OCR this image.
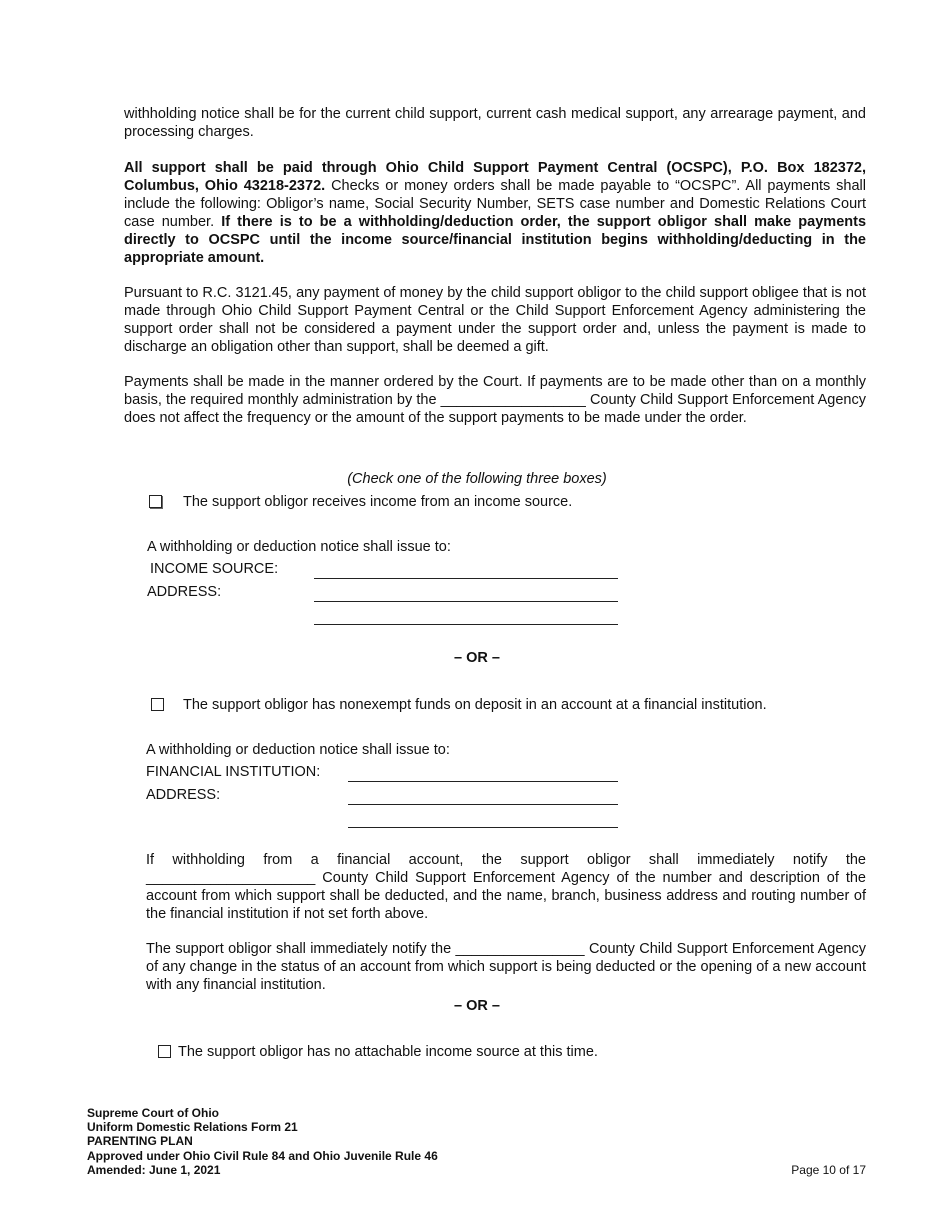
withholding notice shall be for the current child support, current cash medical support, any arrearage payment, and processing charges.

All support shall be paid through Ohio Child Support Payment Central (OCSPC), P.O. Box 182372, Columbus, Ohio 43218-2372. Checks or money orders shall be made payable to “OCSPC”. All payments shall include the following: Obligor’s name, Social Security Number, SETS case number and Domestic Relations Court case number. If there is to be a withholding/deduction order, the support obligor shall make payments directly to OCSPC until the income source/financial institution begins withholding/deducting in the appropriate amount.

Pursuant to R.C. 3121.45, any payment of money by the child support obligor to the child support obligee that is not made through Ohio Child Support Payment Central or the Child Support Enforcement Agency administering the support order shall not be considered a payment under the support order and, unless the payment is made to discharge an obligation other than support, shall be deemed a gift.

Payments shall be made in the manner ordered by the Court. If payments are to be made other than on a monthly basis, the required monthly administration by the __________________ County Child Support Enforcement Agency does not affect the frequency or the amount of the support payments to be made under the order.

(Check one of the following three boxes)
The support obligor receives income from an income source.
A withholding or deduction notice shall issue to:
INCOME SOURCE:
ADDRESS:
– OR –
The support obligor has nonexempt funds on deposit in an account at a financial institution.
A withholding or deduction notice shall issue to:
FINANCIAL INSTITUTION:
ADDRESS:

If withholding from a financial account, the support obligor shall immediately notify the _____________________ County Child Support Enforcement Agency of the number and description of the account from which support shall be deducted, and the name, branch, business address and routing number of the financial institution if not set forth above.

The support obligor shall immediately notify the ________________ County Child Support Enforcement Agency of any change in the status of an account from which support is being deducted or the opening of a new account with any financial institution.

– OR –
The support obligor has no attachable income source at this time.
Supreme Court of Ohio
Uniform Domestic Relations Form 21
PARENTING PLAN
Approved under Ohio Civil Rule 84 and Ohio Juvenile Rule 46
Amended: June 1, 2021	Page 10 of 17
